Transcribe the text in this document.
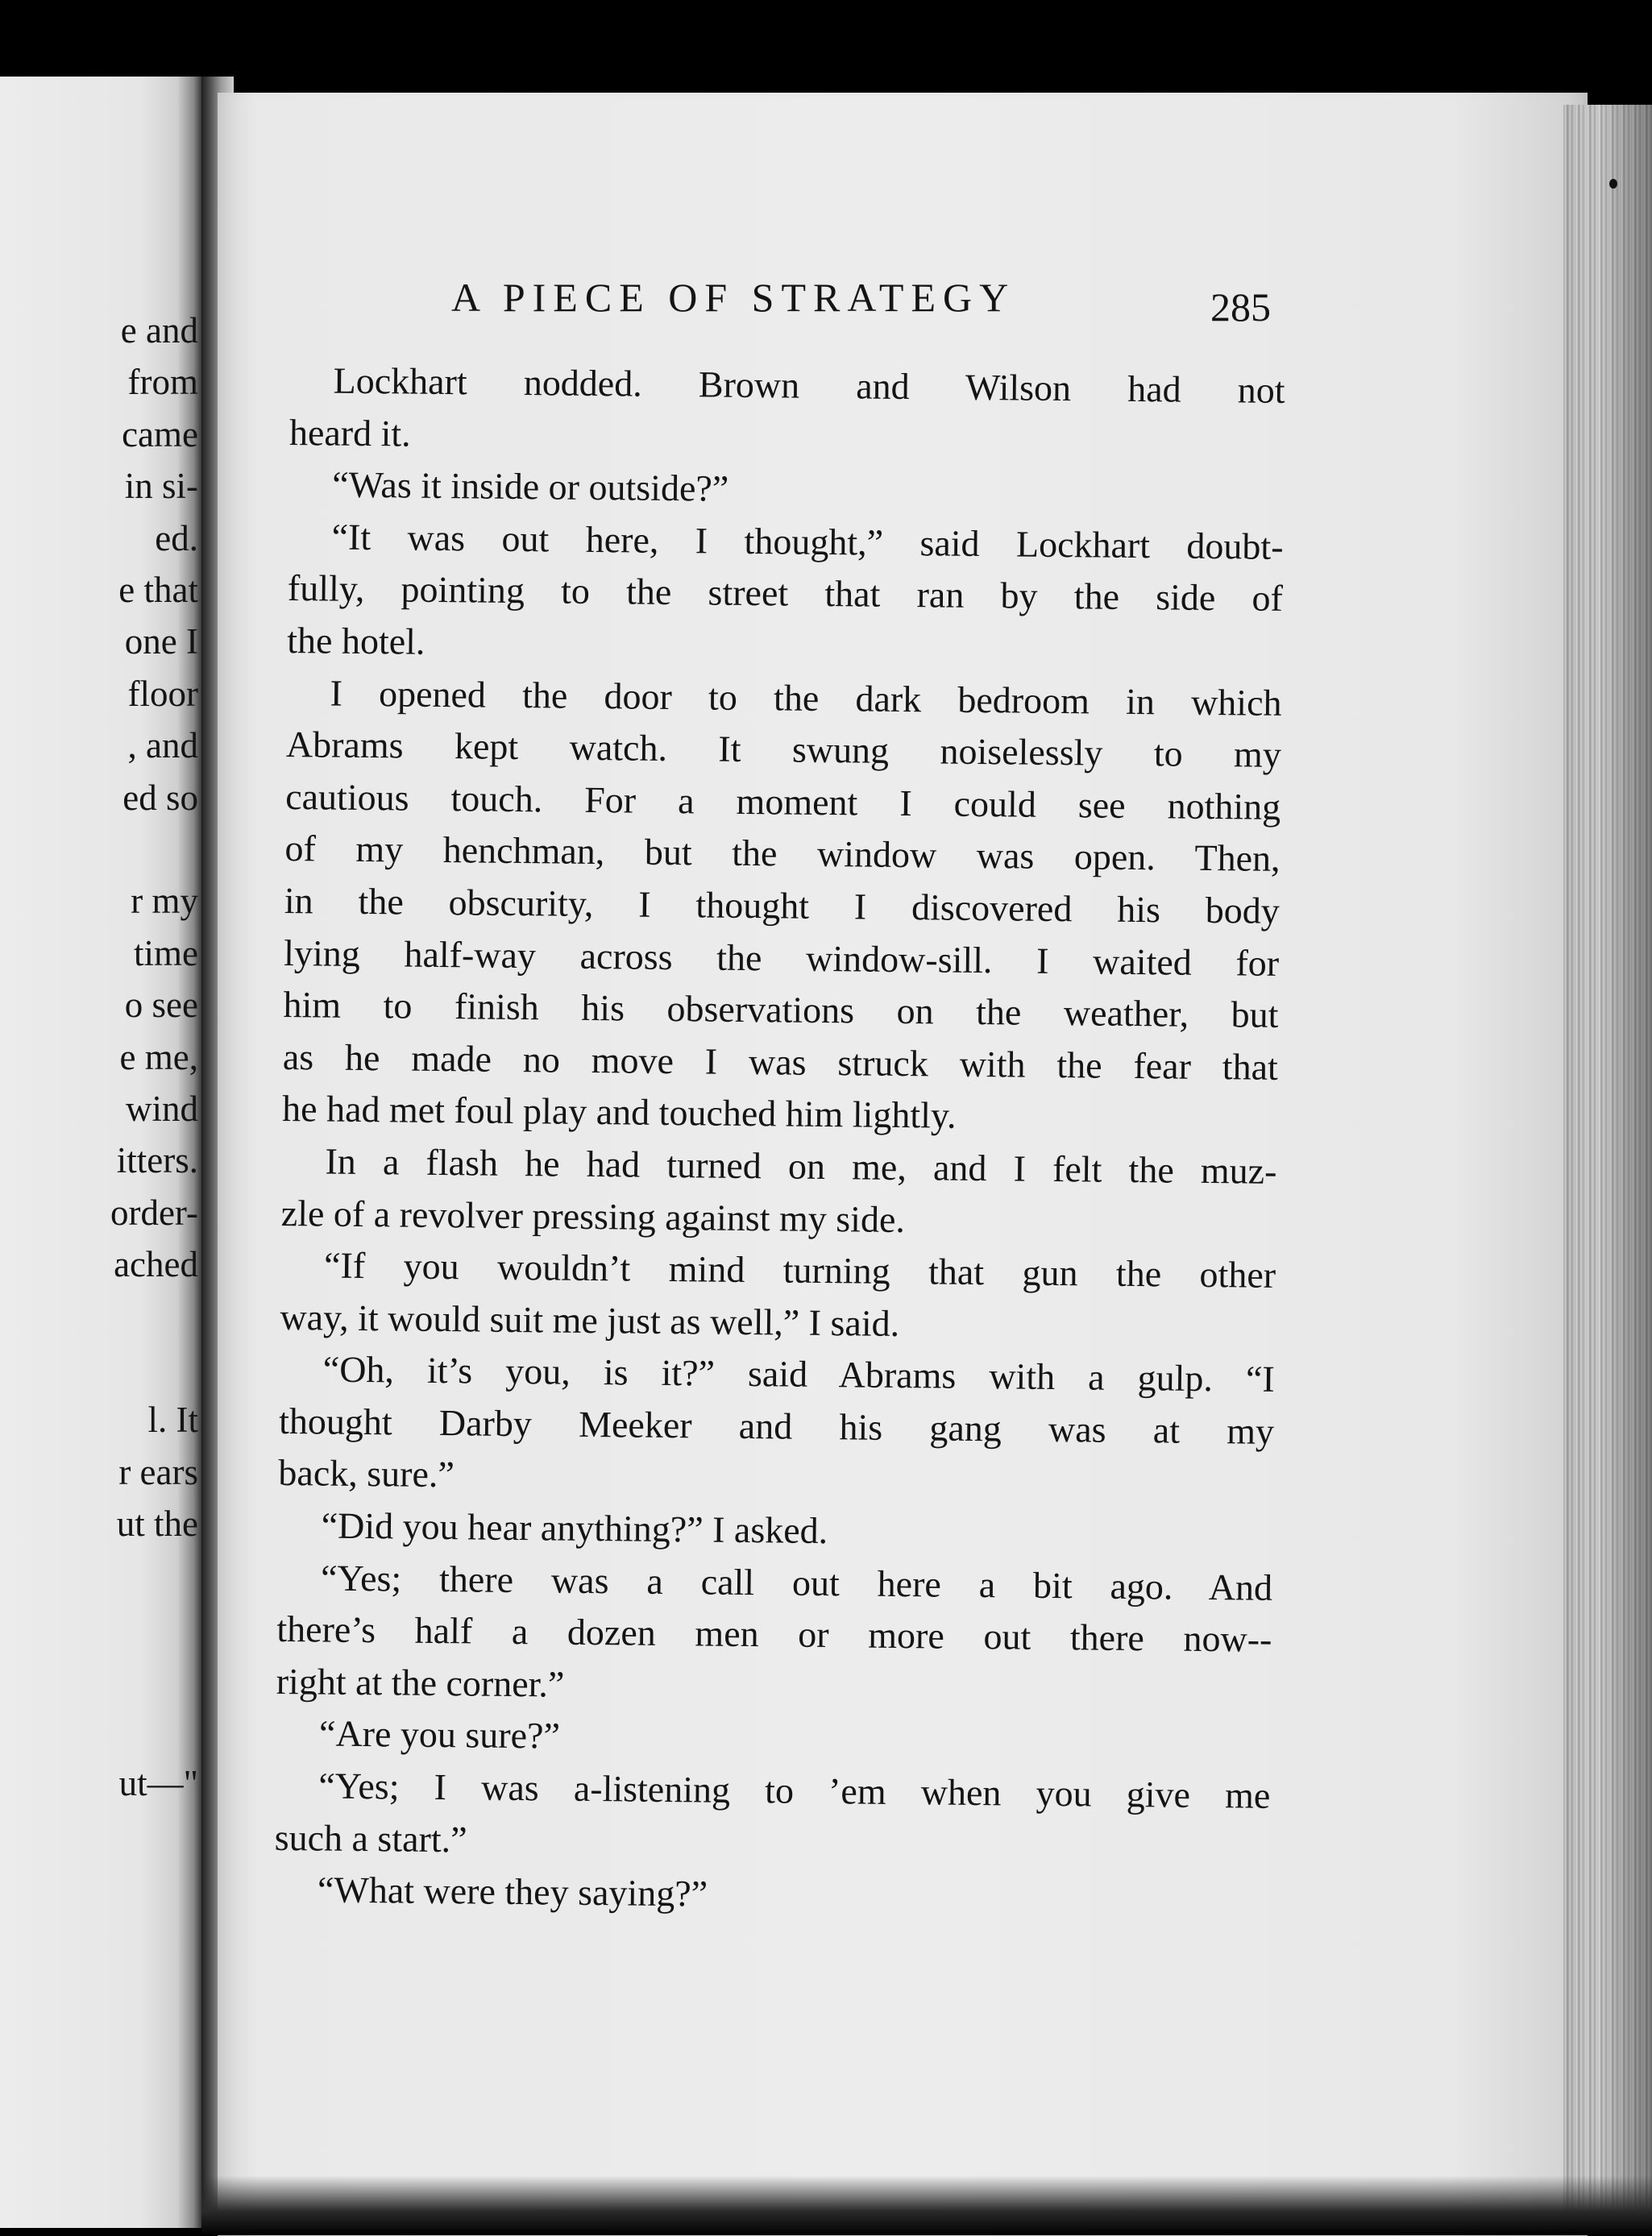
e and
from
came
in si-
ed.
e that
one I
floor
, and
ed so
r my
time
o see
e me,
wind
itters.
order-
ached
l. It
r ears
ut the
ut—"
A PIECE OF STRATEGY	285
Lockhart nodded. Brown and Wilson had not
heard it.
“Was it inside or outside?”
“It was out here, I thought,” said Lockhart doubt-
fully, pointing to the street that ran by the side of
the hotel.
I opened the door to the dark bedroom in which
Abrams kept watch. It swung noiselessly to my
cautious touch. For a moment I could see nothing
of my henchman, but the window was open. Then,
in the obscurity, I thought I discovered his body
lying half-way across the window-sill. I waited for
him to finish his observations on the weather, but
as he made no move I was struck with the fear that
he had met foul play and touched him lightly.
In a flash he had turned on me, and I felt the muz-
zle of a revolver pressing against my side.
“If you wouldn’t mind turning that gun the other
way, it would suit me just as well,” I said.
“Oh, it’s you, is it?” said Abrams with a gulp. “I
thought Darby Meeker and his gang was at my
back, sure.”
“Did you hear anything?” I asked.
“Yes; there was a call out here a bit ago. And
there’s half a dozen men or more out there now--
right at the corner.”
“Are you sure?”
“Yes; I was a-listening to ’em when you give me
such a start.”
“What were they saying?”
